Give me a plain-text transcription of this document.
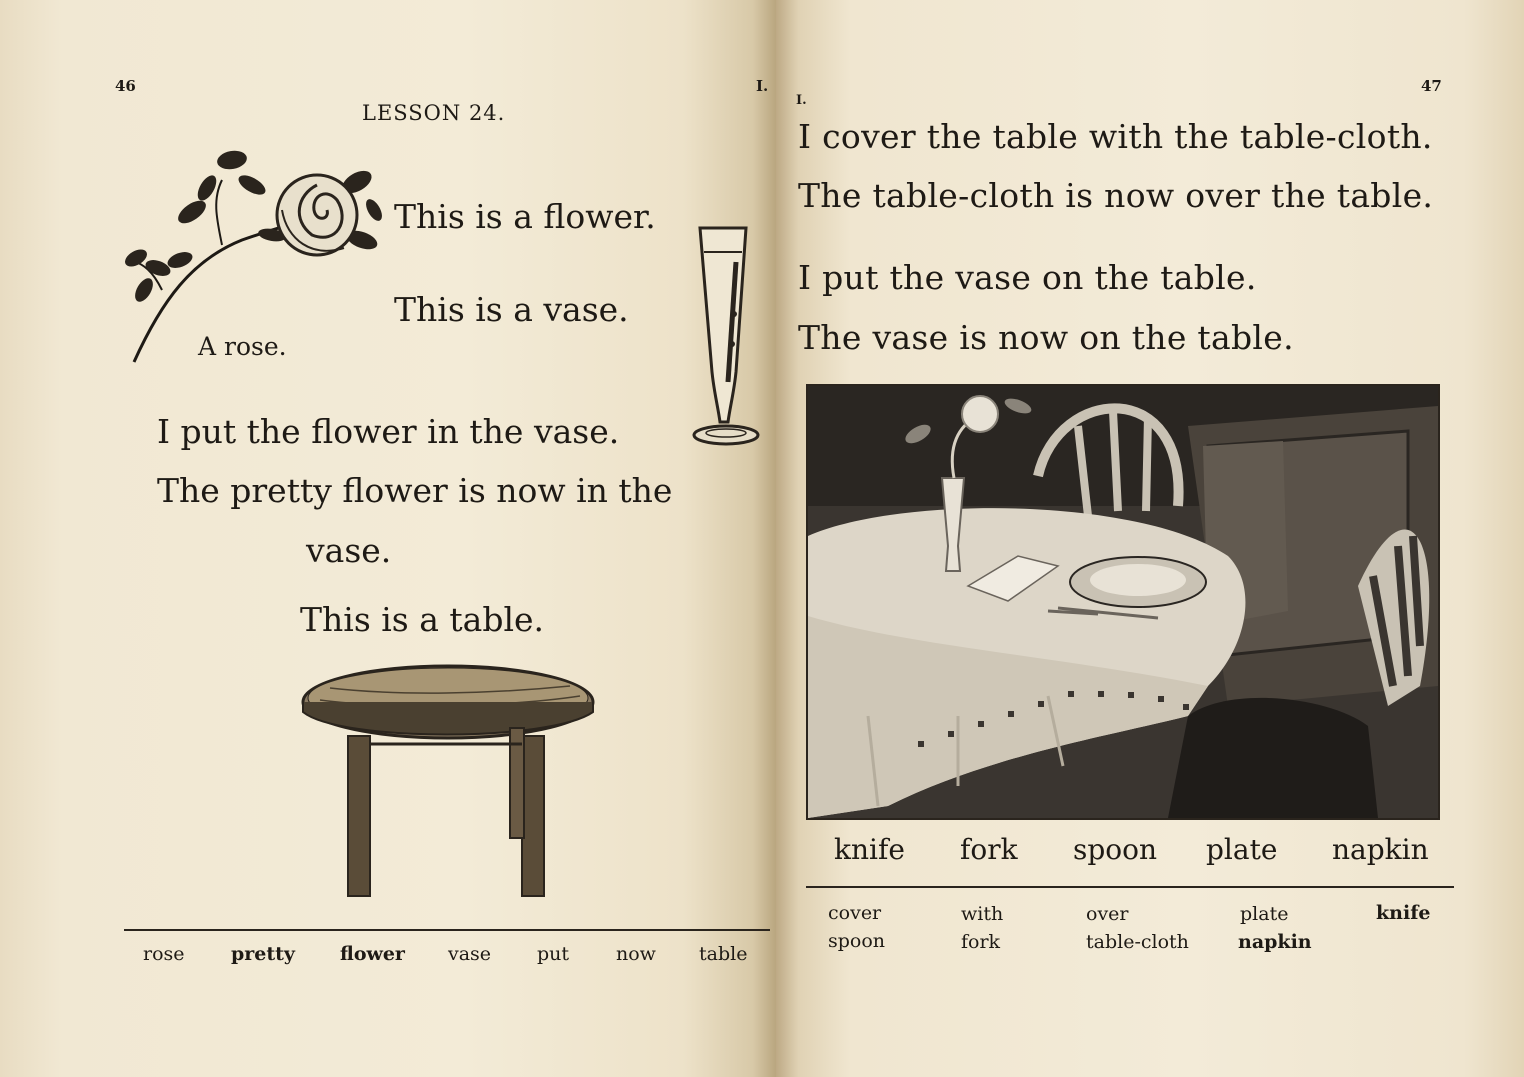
46	I.
LESSON 24.
A rose.
This is a flower.
This is a vase.
I put the flower in the vase.
The pretty flower is now in the
vase.
This is a table.
rose pretty flower vase put now table
I.
47
I cover the table with the table-cloth.
The table-cloth is now over the table.
I put the vase on the table.
The vase is now on the table.
knife fork spoon plate napkin
cover
spoon
with
fork
over
table-cloth
plate
napkin
knife
